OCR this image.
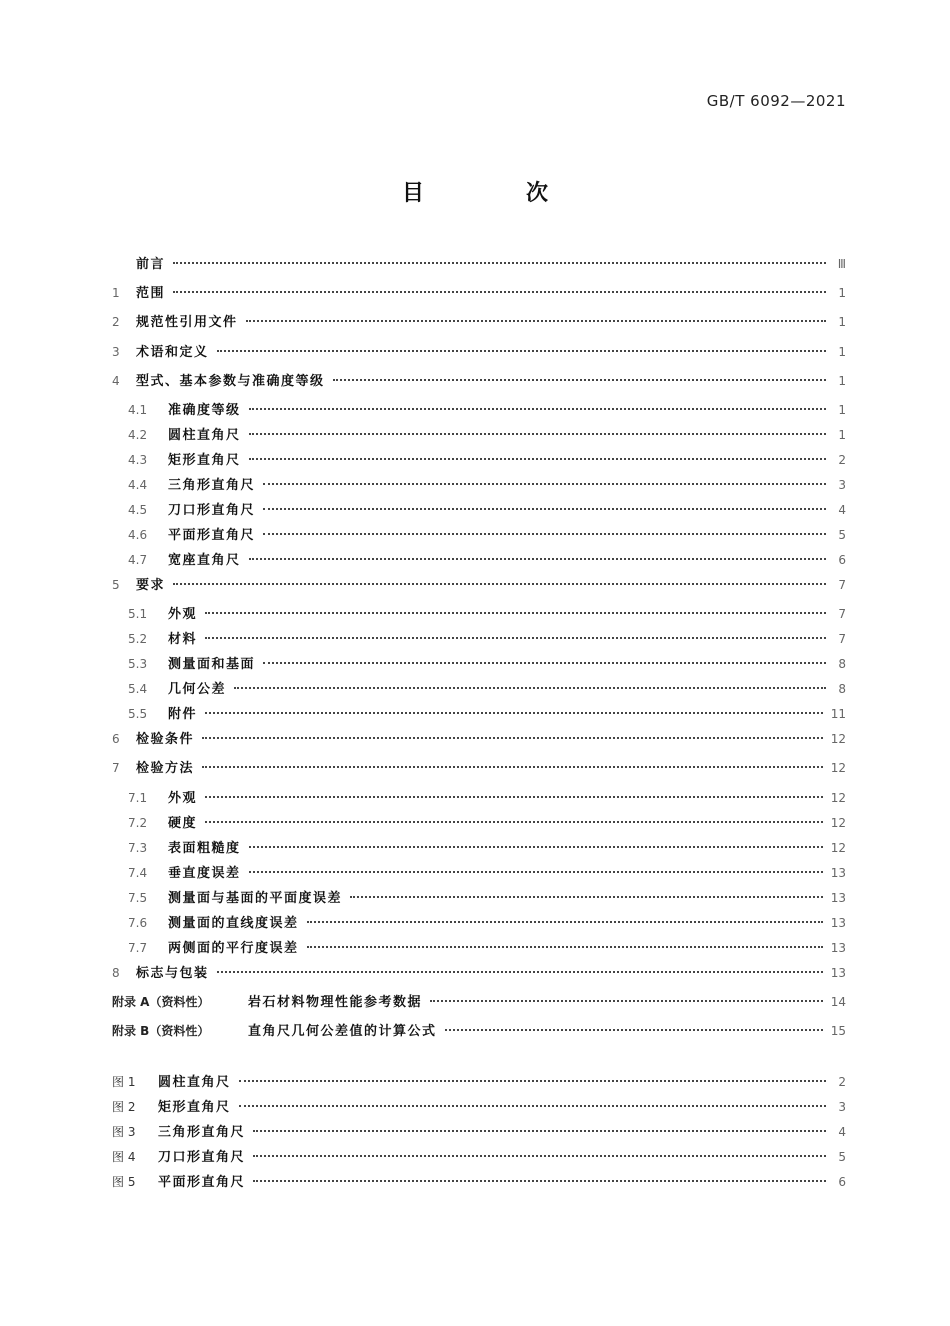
GB/T 6092—2021
目　次
前言	Ⅲ
1	范围	1
2	规范性引用文件	1
3	术语和定义	1
4	型式、基本参数与准确度等级	1
4.1	准确度等级	1
4.2	圆柱直角尺	1
4.3	矩形直角尺	2
4.4	三角形直角尺	3
4.5	刀口形直角尺	4
4.6	平面形直角尺	5
4.7	宽座直角尺	6
5	要求	7
5.1	外观	7
5.2	材料	7
5.3	测量面和基面	8
5.4	几何公差	8
5.5	附件	11
6	检验条件	12
7	检验方法	12
7.1	外观	12
7.2	硬度	12
7.3	表面粗糙度	12
7.4	垂直度误差	13
7.5	测量面与基面的平面度误差	13
7.6	测量面的直线度误差	13
7.7	两侧面的平行度误差	13
8	标志与包装	13
附录 A（资料性）	岩石材料物理性能参考数据	14
附录 B（资料性）	直角尺几何公差值的计算公式	15
图 1	圆柱直角尺	2
图 2	矩形直角尺	3
图 3	三角形直角尺	4
图 4	刀口形直角尺	5
图 5	平面形直角尺	6
